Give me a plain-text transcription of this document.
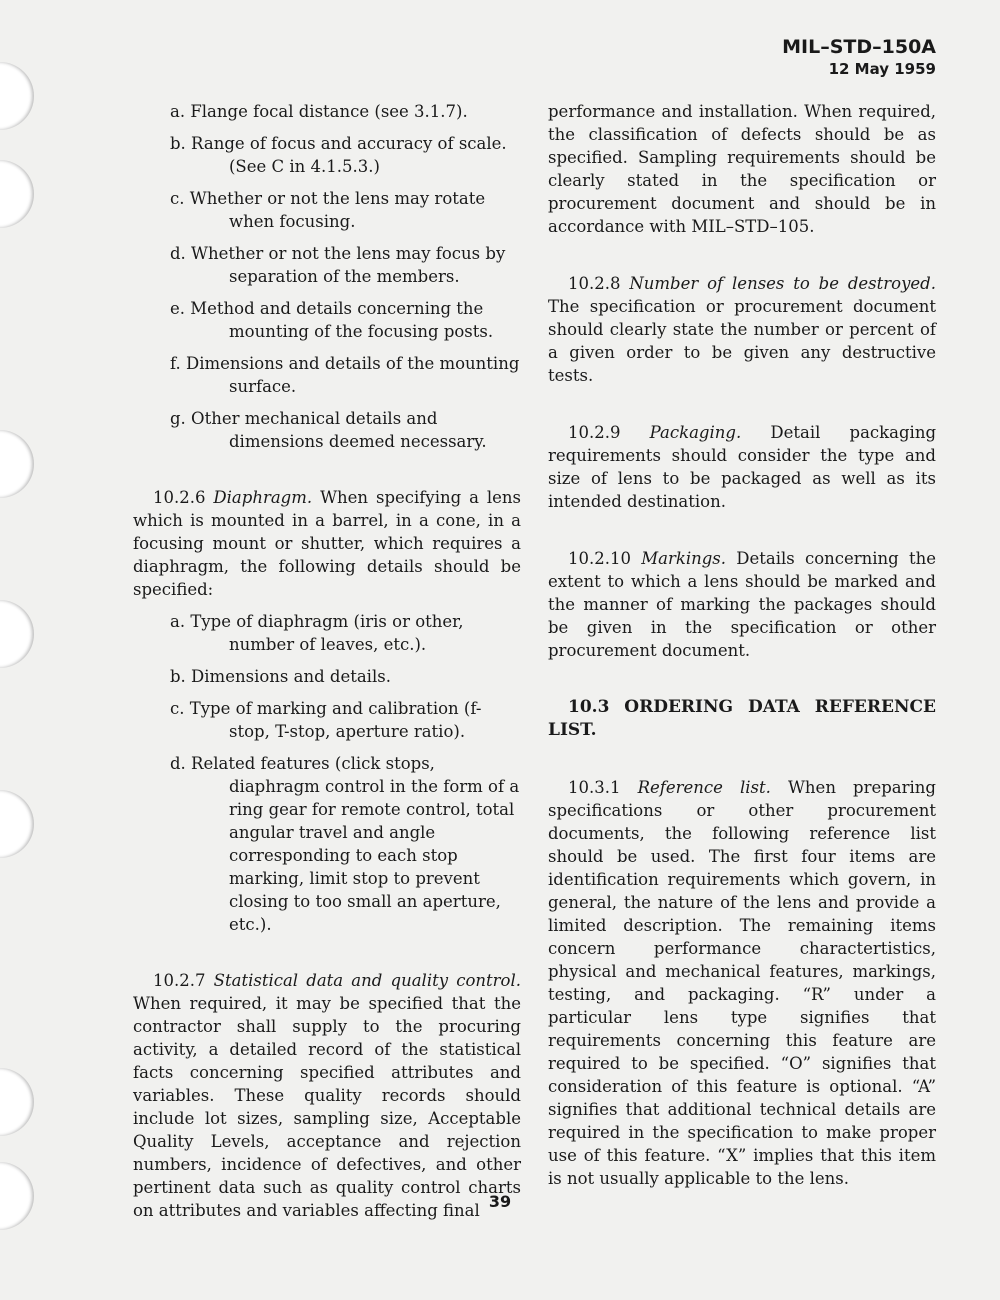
MIL–STD–150A
12 May 1959
a. Flange focal distance (see 3.1.7).
b. Range of focus and accuracy of scale. (See C in 4.1.5.3.)
c. Whether or not the lens may rotate when focusing.
d. Whether or not the lens may focus by separation of the members.
e. Method and details concerning the mounting of the focusing posts.
f. Dimensions and details of the mounting surface.
g. Other mechanical details and dimensions deemed necessary.

10.2.6 Diaphragm. When specifying a lens which is mounted in a barrel, in a cone, in a focusing mount or shutter, which requires a diaphragm, the following details should be specified:

a. Type of diaphragm (iris or other, number of leaves, etc.).
b. Dimensions and details.
c. Type of marking and calibration (f-stop, T-stop, aperture ratio).
d. Related features (click stops, diaphragm control in the form of a ring gear for remote control, total angular travel and angle corresponding to each stop marking, limit stop to prevent closing to too small an aperture, etc.).

10.2.7 Statistical data and quality control. When required, it may be specified that the contractor shall supply to the procuring activity, a detailed record of the statistical facts concerning specified attributes and variables. These quality records should include lot sizes, sampling size, Acceptable Quality Levels, acceptance and rejection numbers, incidence of defectives, and other pertinent data such as quality control charts on attributes and variables affecting final

performance and installation. When required, the classification of defects should be as specified. Sampling requirements should be clearly stated in the specification or procurement document and should be in accordance with MIL–STD–105.

10.2.8 Number of lenses to be destroyed. The specification or procurement document should clearly state the number or percent of a given order to be given any destructive tests.

10.2.9 Packaging. Detail packaging requirements should consider the type and size of lens to be packaged as well as its intended destination.

10.2.10 Markings. Details concerning the extent to which a lens should be marked and the manner of marking the packages should be given in the specification or other procurement document.

10.3 ORDERING DATA REFERENCE LIST.

10.3.1 Reference list. When preparing specifications or other procurement documents, the following reference list should be used. The first four items are identification requirements which govern, in general, the nature of the lens and provide a limited description. The remaining items concern performance charactertistics, physical and mechanical features, markings, testing, and packaging. “R” under a particular lens type signifies that requirements concerning this feature are required to be specified. “O” signifies that consideration of this feature is optional. “A” signifies that additional technical details are required in the specification to make proper use of this feature. “X” implies that this item is not usually applicable to the lens.

39
